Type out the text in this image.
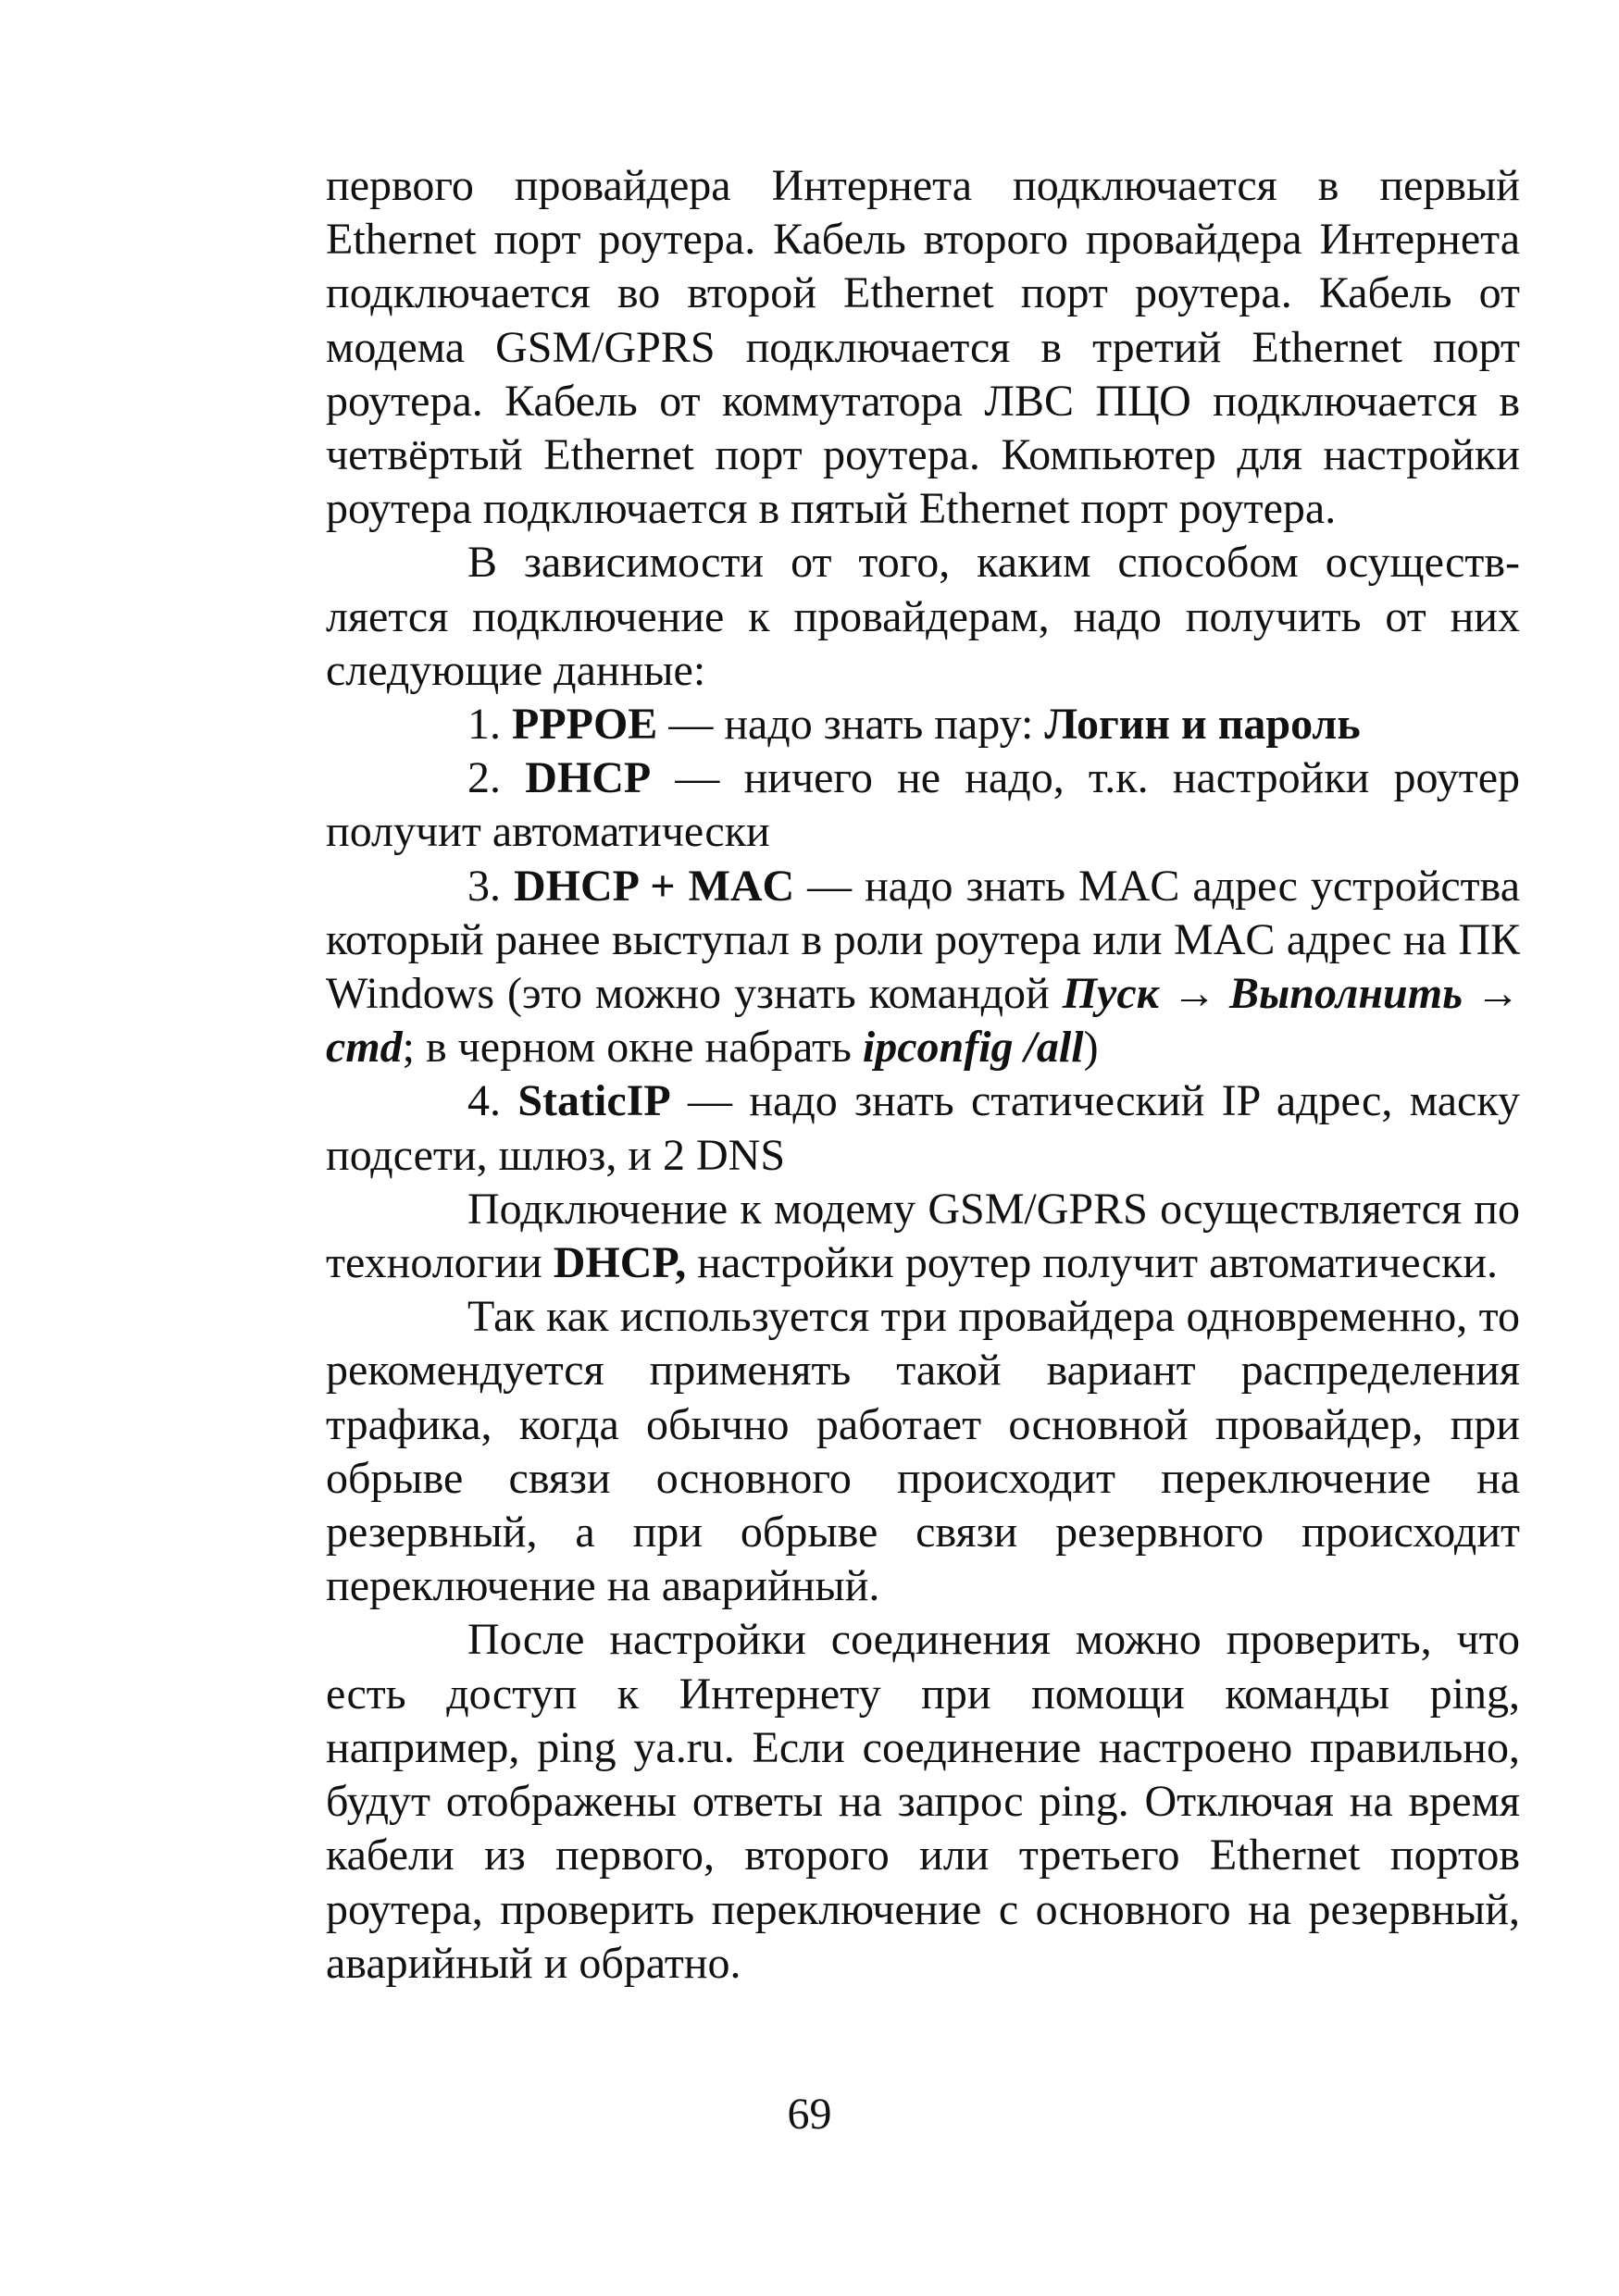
первого провайдера Интернета подключается в первый Ethernet порт роутера. Кабель второго провайдера Интернета подключается во второй Ethernet порт роутера. Кабель от модема GSM/GPRS подключается в третий Ethernet порт роутера. Кабель от коммутатора ЛВС ПЦО подключается в четвёртый Ethernet порт роутера. Компьютер для настройки роутера подключается в пятый Ethernet порт роутера.

В зависимости от того, каким способом осуществляется подключение к провайдерам, надо получить от них следующие данные:

1. PPPOE — надо знать пару: Логин и пароль

2. DHCP — ничего не надо, т.к. настройки роутер получит автоматически

3. DHCP + MAC — надо знать MAC адрес устройства который ранее выступал в роли роутера или MAC адрес на ПК Windows (это можно узнать командой Пуск → Выполнить → cmd; в черном окне набрать ipconfig /all)

4. StaticIP — надо знать статический IP адрес, маску подсети, шлюз, и 2 DNS

Подключение к модему GSM/GPRS осуществляется по технологии DHCP, настройки роутер получит автоматически.

Так как используется три провайдера одновременно, то рекомендуется применять такой вариант распределения трафика, когда обычно работает основной провайдер, при обрыве связи основного происходит переключение на резервный, а при обрыве связи резервного происходит переключение на аварийный.

После настройки соединения можно проверить, что есть доступ к Интернету при помощи команды ping, например, ping ya.ru. Если соединение настроено правильно, будут отображены ответы на запрос ping. Отключая на время кабели из первого, второго или третьего Ethernet портов роутера, проверить переключение с основного на резервный, аварийный и обратно.

69
